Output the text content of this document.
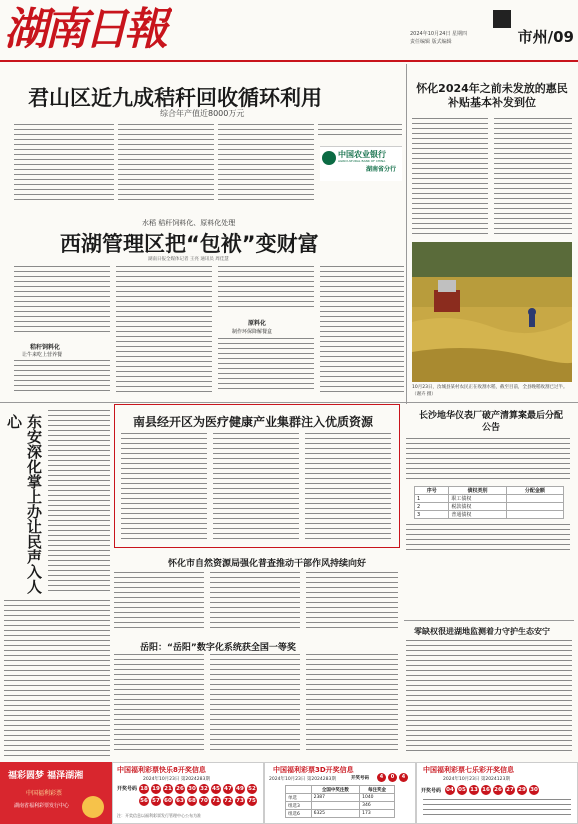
湖南日報	2024年10月24日 星期四
责任编辑 版式编辑	市州/09
君山区近九成秸秆回收循环利用
综合年产值近8000万元
中国农业银行
AGRICULTURAL BANK OF CHINA
湖南省分行
水稻 秸秆饲料化、原料化处理
西湖管理区把“包袱”变财富
湖南日报全媒体记者 王亮 通讯员 周佳慧
秸秆饲料化
让牛来吃上营养餐
原料化
制作环保降解餐盒
怀化2024年之前未发放的惠民补贴基本补发到位
10月23日，汝城县某村农民正在收割水稻，截至目前，全县晚稻收割已过半。（谢卉 摄）
东安深化掌上办让民声入人心	南县经开区为医疗健康产业集群注入优质资源	长沙地华仪表厂破产清算案最后分配公告
序号	债权类别	分配金额
1	职工债权	
2	税款债权	
3	普通债权	
怀化市自然资源局强化普查推动干部作风持续向好
岳阳：“岳阳”数字化系统获全国一等奖
零缺权很进湖地监测着力守护生态安宁
福彩圆梦 福泽湖湘
中国福利彩票
湖南省福利彩票发行中心
中国福利彩票快乐8开奖信息
2024年10月23日 第2024283期
开奖号码 18 19 21 26 30 32 45 47 49 52
56 57 60 63 68 70 71 72 73 75
注：开奖信息以福利彩票发行管理中心公布为准
中国福利彩票3D开奖信息
2024年10月23日 第2024283期	开奖号码	4	0	4
	全国中奖注数	每注奖金
单选	2387	1040
组选3		346
组选6	6325	173
中国福利彩票七乐彩开奖信息
2024年10月23日 第2024123期
开奖号码 04 05 13 16 26 27 29 30
